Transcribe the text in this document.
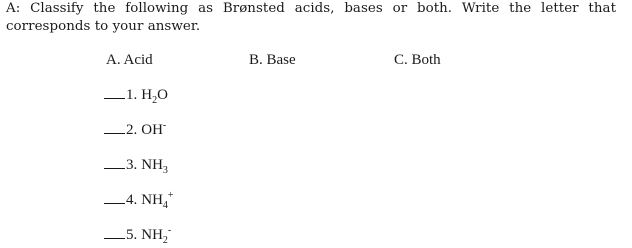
A: Classify the following as Brønsted acids, bases or both. Write the letter that corresponds to your answer.

A. Acid	B. Base	C. Both
1. H 2 O
2. OH -
3. NH 3
4. NH 4
+
5. NH 2
-
